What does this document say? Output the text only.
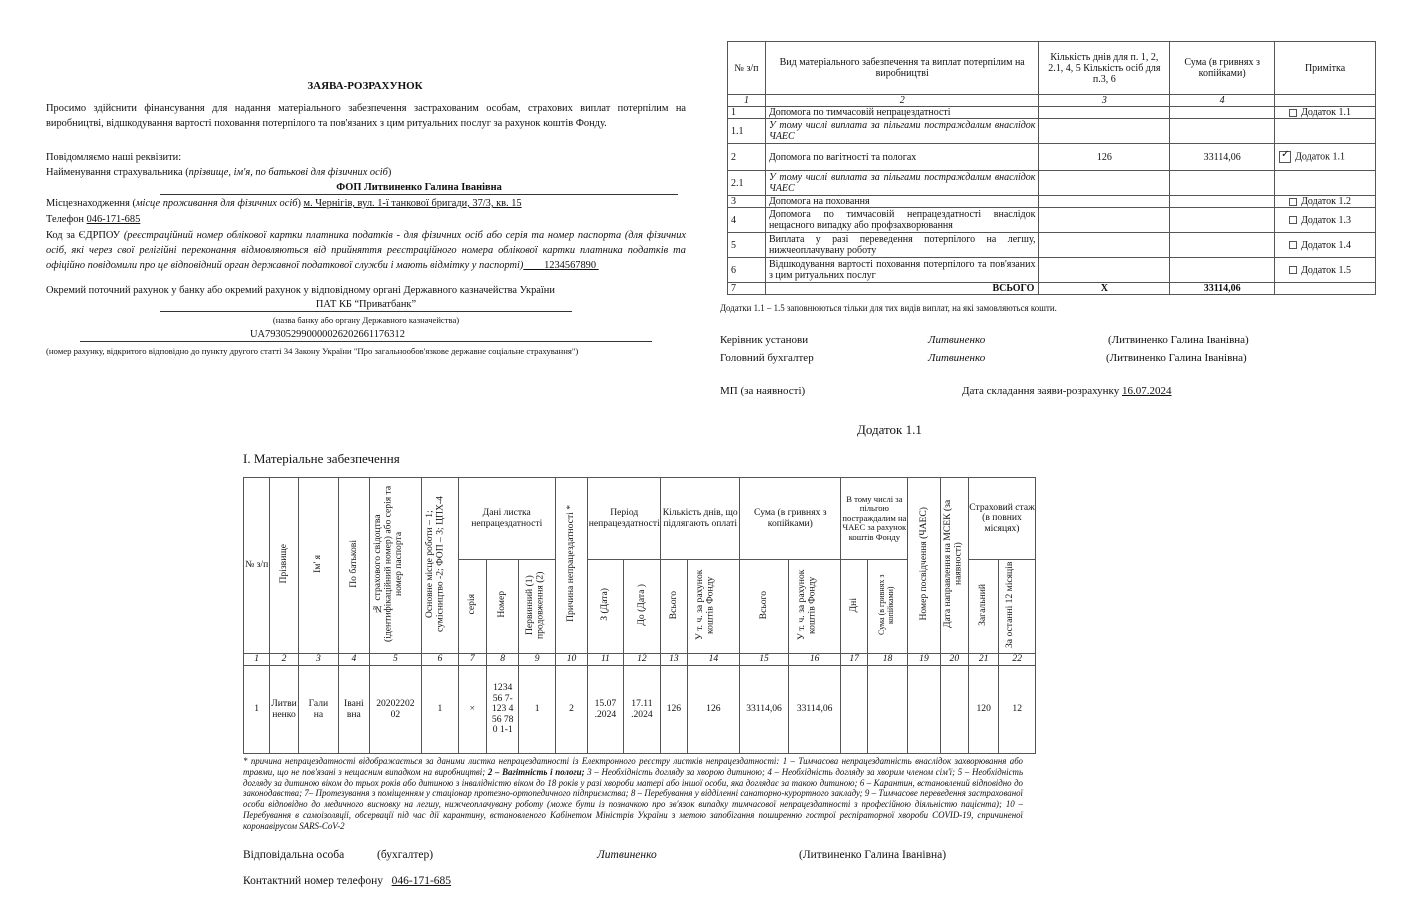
ЗАЯВА-РОЗРАХУНОК
Просимо здійснити фінансування для надання матеріального забезпечення застрахованим особам, страхових виплат потерпілим на виробництві, відшкодування вартості поховання потерпілого та пов'язаних з цим ритуальних послуг за рахунок коштів Фонду.
Повідомляємо наші реквізити:
Найменування страхувальника (прізвище, ім'я, по батькові для фізичних осіб)
ФОП Литвиненко Галина Іванівна
Місцезнаходження (місце проживання для фізичних осіб) м. Чернігів, вул. 1-ї танкової бригади, 37/3, кв. 15
Телефон 046-171-685
Код за ЄДРПОУ (реєстраційний номер облікової картки платника податків - для фізичних осіб або серія та номер паспорта (для фізичних осіб, які через свої релігійні переконання відмовляються від прийняття реєстраційного номера облікової картки платника податків та офіційно повідомили про це відповідний орган державної податкової служби і мають відмітку у паспорті) 1234567890
Окремий поточний рахунок у банку або окремий рахунок у відповідному органі Державного казначейства України
ПАТ КБ “Приватбанк”
(назва банку або органу Державного казначейства)
UA793052990000026202661176312
(номер рахунку, відкритого відповідно до пункту другого статті 34 Закону України "Про загальнообов'язкове державне соціальне страхування")
№ з/п	Вид матеріального забезпечення та виплат потерпілим на виробництві	Кількість днів для п. 1, 2, 2.1, 4, 5 Кількість осіб для п.3, 6	Сума (в гривнях з копійками)	Примітка
1	2	3	4	
1	Допомога по тимчасовій непрацездатності			Додаток 1.1
1.1	У тому числі виплата за пільгами постраждалим внаслідок ЧАЕС			
2	Допомога по вагітності та пологах	126	33114,06	✓Додаток 1.1
2.1	У тому числі виплата за пільгами постраждалим внаслідок ЧАЕС			
3	Допомога на поховання			Додаток 1.2
4	Допомога по тимчасовій непрацездатності внаслідок нещасного випадку або профзахворювання			Додаток 1.3
5	Виплата у разі переведення потерпілого на легшу, нижчеоплачувану роботу			Додаток 1.4
6	Відшкодування вартості поховання потерпілого та пов'язаних з цим ритуальних послуг			Додаток 1.5
7	ВСЬОГО	Х	33114,06	
Додатки 1.1 – 1.5 заповнюються тільки для тих видів виплат, на які замовляються кошти.
Керівник установи	Литвиненко	(Литвиненко Галина Іванівна)
Головний бухгалтер	Литвиненко	(Литвиненко Галина Іванівна)
МП (за наявності)	Дата складання заяви-розрахунку 16.07.2024
Додаток 1.1
І. Матеріальне забезпечення
№ з/п	Прізвище	Ім' я	По батькові	№ страхового свідоцтва (ідентифікаційний номер) або серія та номер паспорта	Основне місце роботи – 1; сумісництво -2; ФОП – 3; ЦПХ-4	Дані листка непрацездатності			Причина непрацездатності *	Період непрацездатності		Кількість днів, що підлягають оплаті		Сума (в гривнях з копійками)		В тому числі за пільгою постраждалим на ЧАЕС за рахунок коштів Фонду		Номер посвідчення (ЧАЕС)	Дата направлення на МСЕК (за наявності)	Страховий стаж (в повних місяцях)	
						серія	Номер	Первинний (1) продовження (2)		З (Дата)	До (Дата )	Всього	У т. ч. за рахунок коштів Фонду	Всього	У т. ч. за рахунок коштів Фонду	Дні	Сума (в гривнях з копійками)			Загальний	За останні 12 місяців
1	2	3	4	5	6	7	8	9	10	11	12	13	14	15	16	17	18	19	20	21	22
1	Литвиненко	Галина	Іванівна	2020220202	1	×	123456 7-123 456 780 1-1	1	2	15.07 .2024	17.11 .2024	126	126	33114,06	33114,06					120	12
* причина непрацездатності відображається за даними листка непрацездатності із Електронного реєстру листків непрацездатності: 1 – Тимчасова непрацездатність внаслідок захворювання або травми, що не пов'язані з нещасним випадком на виробництві; 2 – Вагітність і пологи; 3 – Необхідність догляду за хворою дитиною; 4 – Необхідність догляду за хворим членом сім'ї; 5 – Необхідність догляду за дитиною віком до трьох років або дитиною з інвалідністю віком до 18 років у разі хвороби матері або іншої особи, яка доглядає за такою дитиною; 6 – Карантин, встановлений відповідно до законодавства; 7– Протезування з поміщенням у стаціонар протезно-ортопедичного підприємства; 8 – Перебування у відділенні санаторно-курортного закладу; 9 – Тимчасове переведення застрахованої особи відповідно до медичного висновку на легшу, нижчеоплачувану роботу (може бути із позначкою про зв'язок випадку тимчасової непрацездатності з професійною діяльністю пацієнта); 10 – Перебування в самоізоляції, обсервації під час дії карантину, встановленого Кабінетом Міністрів України з метою запобігання поширенню гострої респіраторної хвороби COVID-19, спричиненої коронавірусом SARS-CoV-2
Відповідальна особа	(бухгалтер)	Литвиненко	(Литвиненко Галина Іванівна)
Контактний номер телефону 046-171-685
